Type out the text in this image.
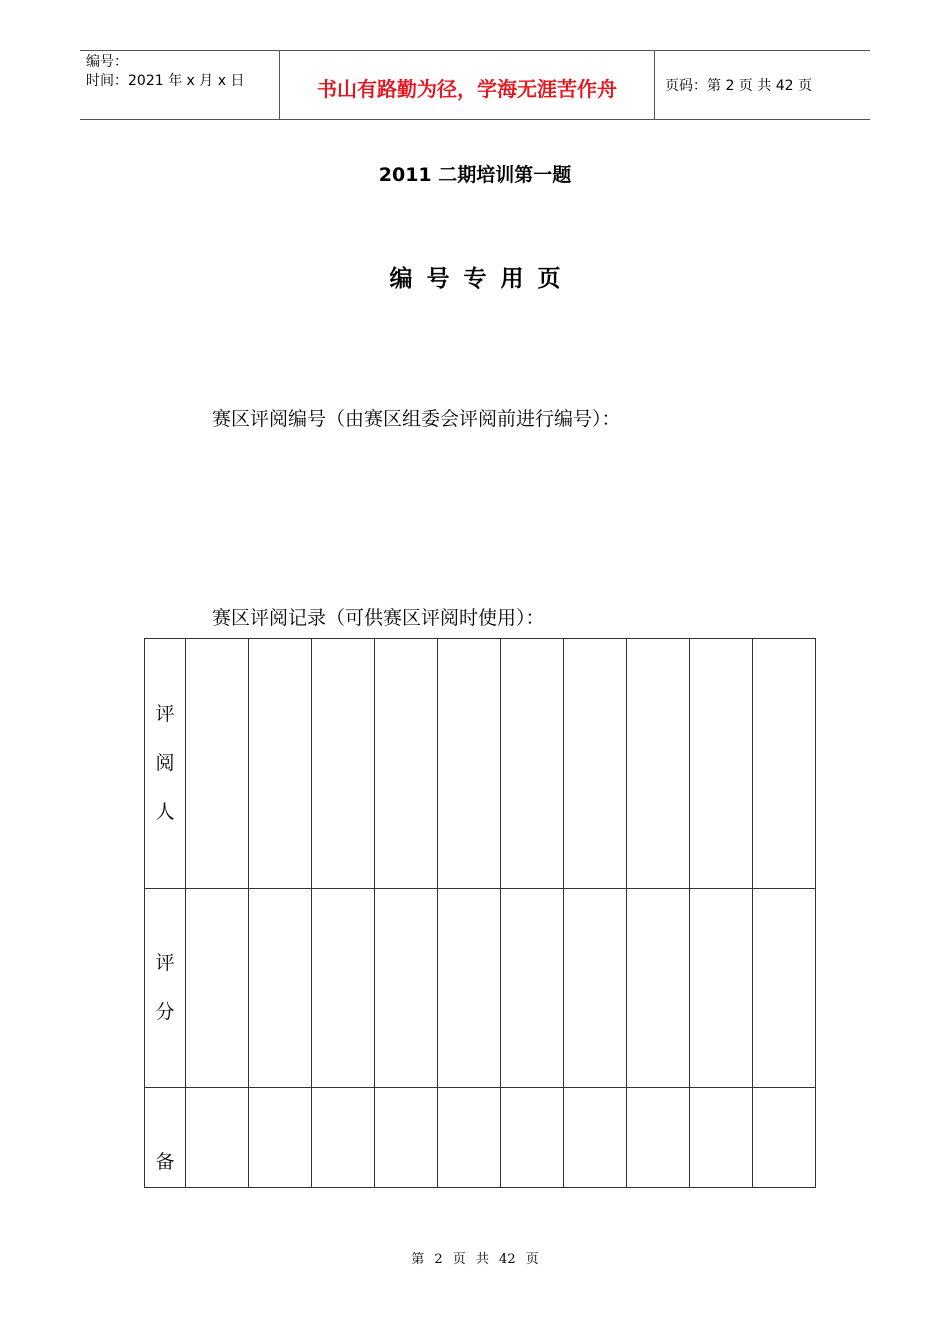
编号：
时间：2021 年 x 月 x 日	书山有路勤为径，学海无涯苦作舟	页码：第 2 页 共 42 页
2011 二期培训第一题
编号专用页
赛区评阅编号（由赛区组委会评阅前进行编号）：
赛区评阅记录（可供赛区评阅时使用）：
评
阅
人										

评
分										

备										

第 2 页 共 42 页
